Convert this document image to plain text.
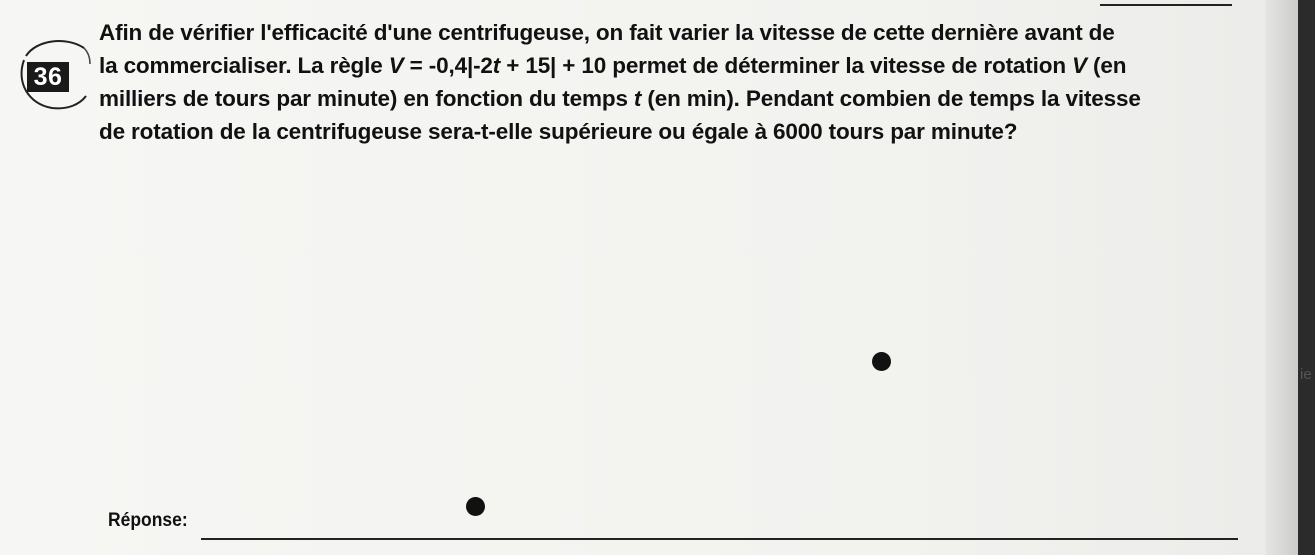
36
Afin de vérifier l'efficacité d'une centrifugeuse, on fait varier la vitesse de cette dernière avant de
la commercialiser. La règle V = -0,4|-2t + 15| + 10 permet de déterminer la vitesse de rotation V (en
milliers de tours par minute) en fonction du temps t (en min). Pendant combien de temps la vitesse
de rotation de la centrifugeuse sera-t-elle supérieure ou égale à 6000 tours par minute?
Réponse:
ie
